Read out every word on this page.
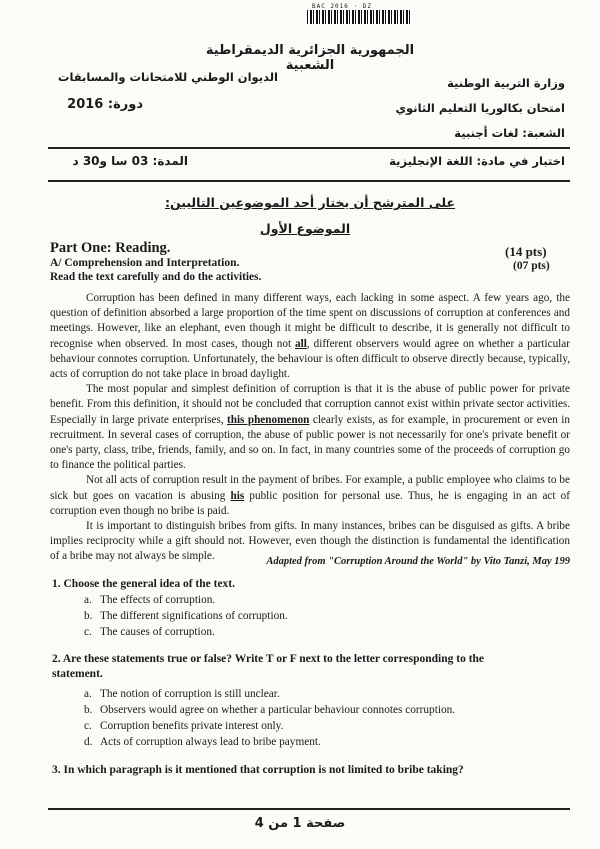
BAC 2016 · DZ
الجمهورية الجزائرية الديمقراطية الشعبية
وزارة التربية الوطنية
الديوان الوطني للامتحانات والمسابقات
امتحان بكالوريا التعليم الثانوي
دورة: 2016
الشعبة: لغات أجنبية
اختبار في مادة: اللغة الإنجليزية
المدة: 03 سا و30 د
على المترشح أن يختار أحد الموضوعين التاليين:
الموضوع الأول
Part One: Reading.	(14 pts)
A/ Comprehension and Interpretation.	(07 pts)
Read the text carefully and do the activities.

Corruption has been defined in many different ways, each lacking in some aspect. A few years ago, the question of definition absorbed a large proportion of the time spent on discussions of corruption at conferences and meetings. However, like an elephant, even though it might be difficult to describe, it is generally not difficult to recognise when observed. In most cases, though not all, different observers would agree on whether a particular behaviour connotes corruption. Unfortunately, the behaviour is often difficult to observe directly because, typically, acts of corruption do not take place in broad daylight.

The most popular and simplest definition of corruption is that it is the abuse of public power for private benefit. From this definition, it should not be concluded that corruption cannot exist within private sector activities. Especially in large private enterprises, this phenomenon clearly exists, as for example, in procurement or even in recruitment. In several cases of corruption, the abuse of public power is not necessarily for one's private benefit or one's party, class, tribe, friends, family, and so on. In fact, in many countries some of the proceeds of corruption go to finance the political parties.

Not all acts of corruption result in the payment of bribes. For example, a public employee who claims to be sick but goes on vacation is abusing his public position for personal use. Thus, he is engaging in an act of corruption even though no bribe is paid.

It is important to distinguish bribes from gifts. In many instances, bribes can be disguised as gifts. A bribe implies reciprocity while a gift should not. However, even though the distinction is fundamental the identification of a bribe may not always be simple.	Adapted from "Corruption Around the World" by Vito Tanzi, May 199
1. Choose the general idea of the text.
a. The effects of corruption.
b. The different significations of corruption.
c. The causes of corruption.
2. Are these statements true or false? Write T or F next to the letter corresponding to the statement.
a. The notion of corruption is still unclear.
b. Observers would agree on whether a particular behaviour connotes corruption.
c. Corruption benefits private interest only.
d. Acts of corruption always lead to bribe payment.
3. In which paragraph is it mentioned that corruption is not limited to bribe taking?
صفحة 1 من 4
